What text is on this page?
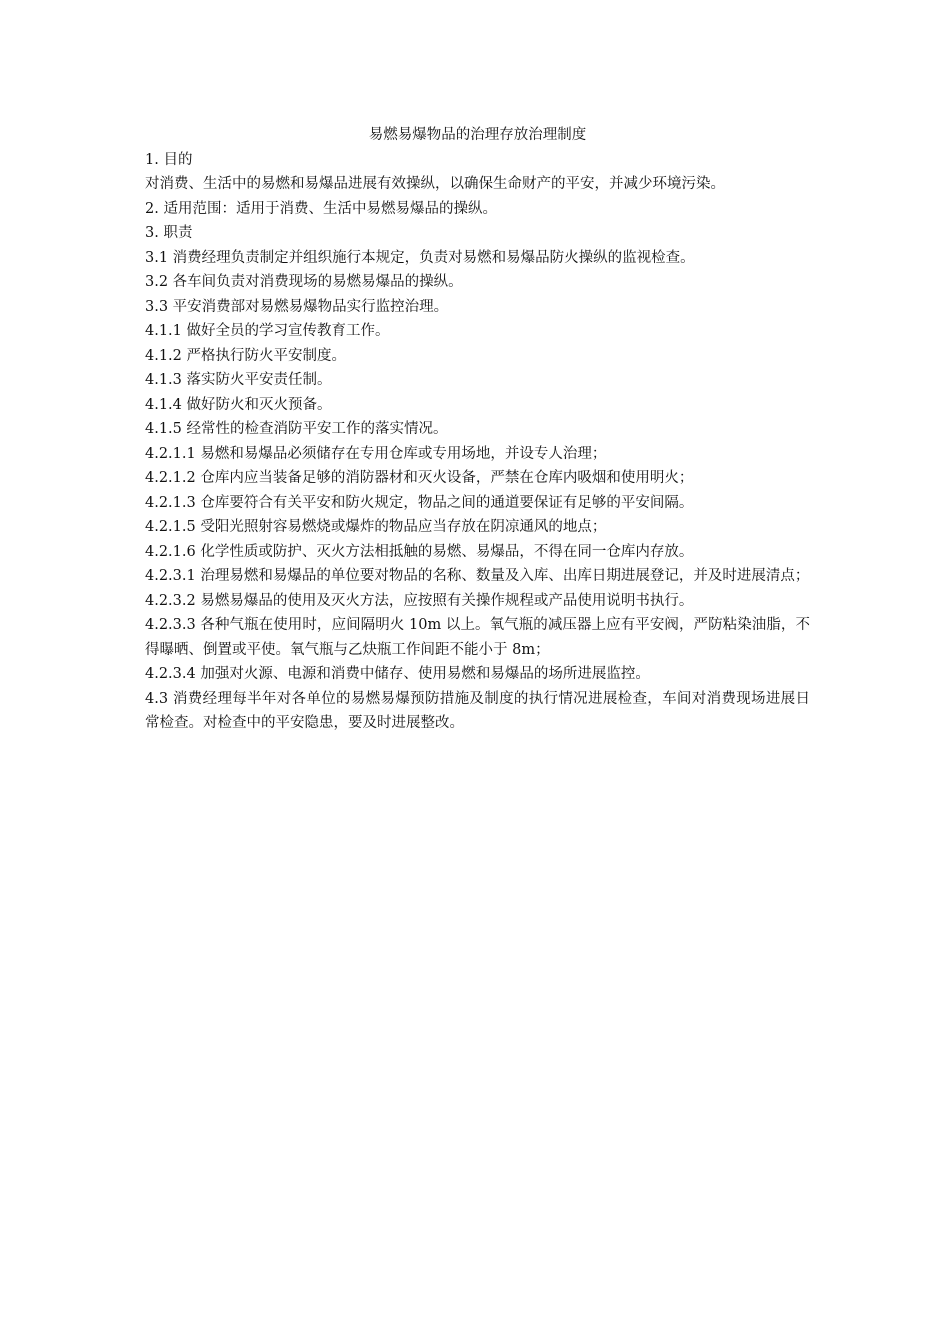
易燃易爆物品的治理存放治理制度

1. 目的

对消费、生活中的易燃和易爆品进展有效操纵，以确保生命财产的平安，并减少环境污染。

2. 适用范围：适用于消费、生活中易燃易爆品的操纵。

3. 职责

3.1 消费经理负责制定并组织施行本规定，负责对易燃和易爆品防火操纵的监视检查。

3.2 各车间负责对消费现场的易燃易爆品的操纵。

3.3 平安消费部对易燃易爆物品实行监控治理。

4.1.1 做好全员的学习宣传教育工作。

4.1.2 严格执行防火平安制度。

4.1.3 落实防火平安责任制。

4.1.4 做好防火和灭火预备。

4.1.5 经常性的检查消防平安工作的落实情况。

4.2.1.1 易燃和易爆品必须储存在专用仓库或专用场地，并设专人治理；

4.2.1.2 仓库内应当装备足够的消防器材和灭火设备，严禁在仓库内吸烟和使用明火；

4.2.1.3 仓库要符合有关平安和防火规定，物品之间的通道要保证有足够的平安间隔。

4.2.1.5 受阳光照射容易燃烧或爆炸的物品应当存放在阴凉通风的地点；

4.2.1.6 化学性质或防护、灭火方法相抵触的易燃、易爆品，不得在同一仓库内存放。

4.2.3.1 治理易燃和易爆品的单位要对物品的名称、数量及入库、出库日期进展登记，并及时进展清点；

4.2.3.2 易燃易爆品的使用及灭火方法，应按照有关操作规程或产品使用说明书执行。

4.2.3.3 各种气瓶在使用时，应间隔明火 10m 以上。氧气瓶的减压器上应有平安阀，严防粘染油脂，不得曝晒、倒置或平使。氧气瓶与乙炔瓶工作间距不能小于 8m；

4.2.3.4 加强对火源、电源和消费中储存、使用易燃和易爆品的场所进展监控。

4.3 消费经理每半年对各单位的易燃易爆预防措施及制度的执行情况进展检查，车间对消费现场进展日常检查。对检查中的平安隐患，要及时进展整改。
